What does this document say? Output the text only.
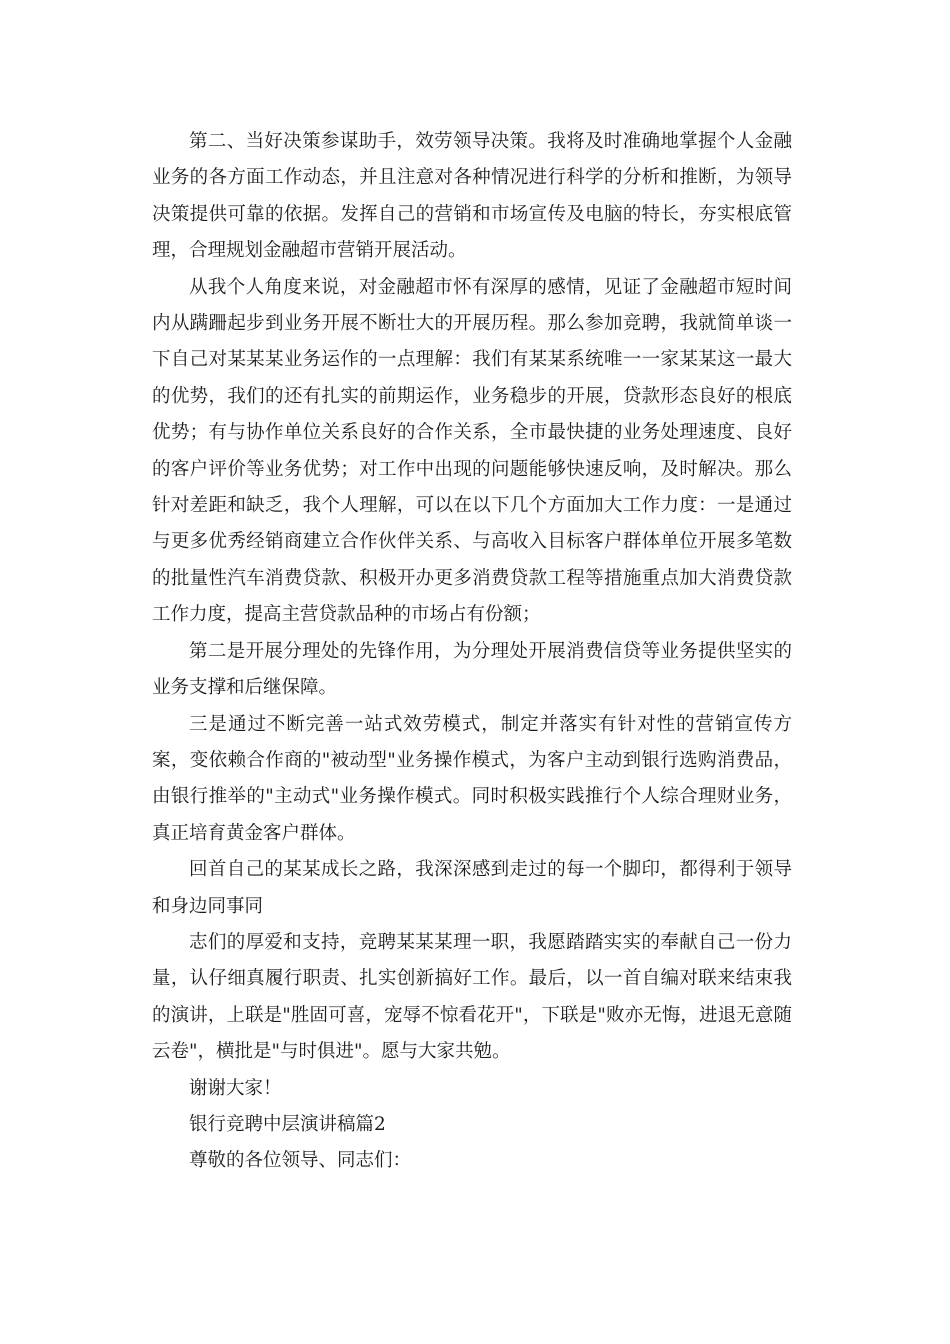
第二、当好决策参谋助手，效劳领导决策。我将及时准确地掌握个人金融业务的各方面工作动态，并且注意对各种情况进行科学的分析和推断，为领导决策提供可靠的依据。发挥自己的营销和市场宣传及电脑的特长，夯实根底管理，合理规划金融超市营销开展活动。

从我个人角度来说，对金融超市怀有深厚的感情，见证了金融超市短时间内从蹒跚起步到业务开展不断壮大的开展历程。那么参加竞聘，我就简单谈一下自己对某某某业务运作的一点理解：我们有某某系统唯一一家某某这一最大的优势，我们的还有扎实的前期运作，业务稳步的开展，贷款形态良好的根底优势；有与协作单位关系良好的合作关系，全市最快捷的业务处理速度、良好的客户评价等业务优势；对工作中出现的问题能够快速反响，及时解决。那么针对差距和缺乏，我个人理解，可以在以下几个方面加大工作力度：一是通过与更多优秀经销商建立合作伙伴关系、与高收入目标客户群体单位开展多笔数的批量性汽车消费贷款、积极开办更多消费贷款工程等措施重点加大消费贷款工作力度，提高主营贷款品种的市场占有份额；

第二是开展分理处的先锋作用，为分理处开展消费信贷等业务提供坚实的业务支撑和后继保障。

三是通过不断完善一站式效劳模式，制定并落实有针对性的营销宣传方案，变依赖合作商的"被动型"业务操作模式，为客户主动到银行选购消费品，由银行推举的"主动式"业务操作模式。同时积极实践推行个人综合理财业务，真正培育黄金客户群体。

回首自己的某某成长之路，我深深感到走过的每一个脚印，都得利于领导和身边同事同

志们的厚爱和支持，竞聘某某某理一职，我愿踏踏实实的奉献自己一份力量，认仔细真履行职责、扎实创新搞好工作。最后，以一首自编对联来结束我的演讲，上联是"胜固可喜，宠辱不惊看花开"，下联是"败亦无悔，进退无意随云卷"，横批是"与时俱进"。愿与大家共勉。

谢谢大家！

银行竞聘中层演讲稿篇2

尊敬的各位领导、同志们：
